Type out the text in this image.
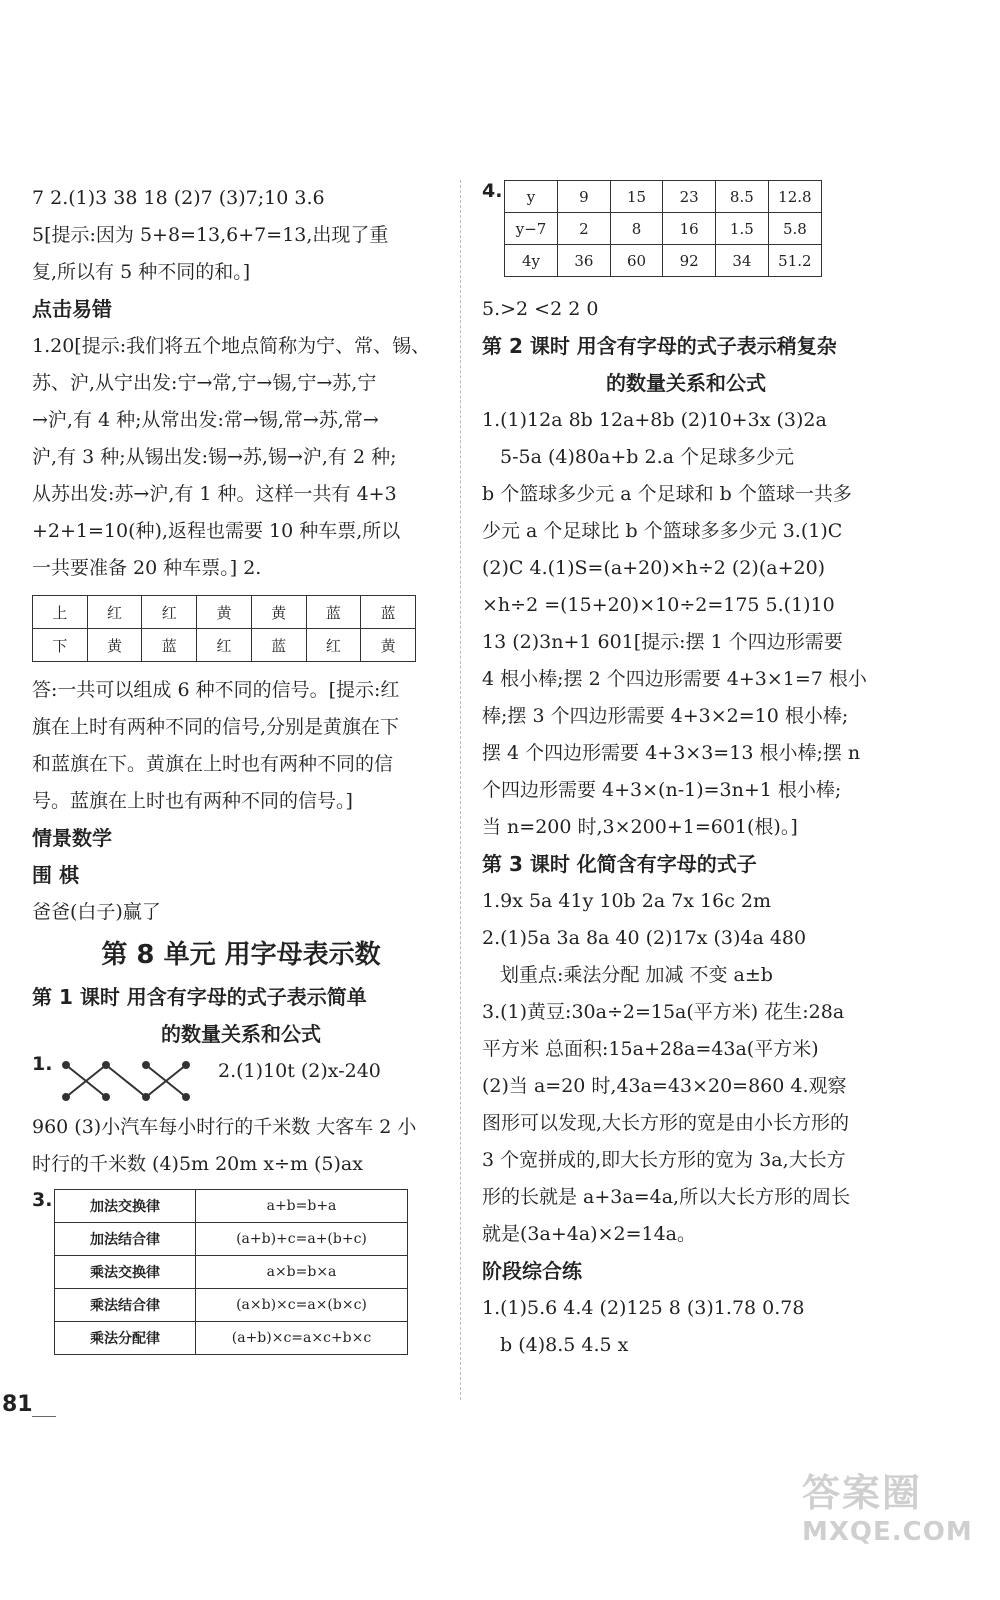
7 2.(1)3 38 18 (2)7 (3)7;10 3.6
5[提示:因为 5+8=13,6+7=13,出现了重
复,所以有 5 种不同的和。]
点击易错
1.20[提示:我们将五个地点简称为宁、常、锡、
苏、沪,从宁出发:宁→常,宁→锡,宁→苏,宁
→沪,有 4 种;从常出发:常→锡,常→苏,常→
沪,有 3 种;从锡出发:锡→苏,锡→沪,有 2 种;
从苏出发:苏→沪,有 1 种。这样一共有 4+3
+2+1=10(种),返程也需要 10 种车票,所以
一共要准备 20 种车票。] 2.
上	红	红	黄	黄	蓝	蓝
下	黄	蓝	红	蓝	红	黄
答:一共可以组成 6 种不同的信号。[提示:红
旗在上时有两种不同的信号,分别是黄旗在下
和蓝旗在下。黄旗在上时也有两种不同的信
号。蓝旗在上时也有两种不同的信号。]
情景数学
围 棋
爸爸(白子)赢了
第 8 单元 用字母表示数
第 1 课时 用含有字母的式子表示简单
的数量关系和公式
1.	2.(1)10t (2)x-240
960 (3)小汽车每小时行的千米数 大客车 2 小
时行的千米数 (4)5m 20m x÷m (5)ax
3.	加法交换律	a+b=b+a
加法结合律	(a+b)+c=a+(b+c)
乘法交换律	a×b=b×a
乘法结合律	(a×b)×c=a×(b×c)
乘法分配律	(a+b)×c=a×c+b×c
4. y	9	15	23	8.5	12.8
y−7	2	8	16	1.5	5.8
4y	36	60	92	34	51.2
5.>2 <2 2 0
第 2 课时 用含有字母的式子表示稍复杂
的数量关系和公式
1.(1)12a 8b 12a+8b (2)10+3x (3)2a
5-5a (4)80a+b 2.a 个足球多少元
b 个篮球多少元 a 个足球和 b 个篮球一共多
少元 a 个足球比 b 个篮球多多少元 3.(1)C
(2)C 4.(1)S=(a+20)×h÷2 (2)(a+20)
×h÷2 =(15+20)×10÷2=175 5.(1)10
13 (2)3n+1 601[提示:摆 1 个四边形需要
4 根小棒;摆 2 个四边形需要 4+3×1=7 根小
棒;摆 3 个四边形需要 4+3×2=10 根小棒;
摆 4 个四边形需要 4+3×3=13 根小棒;摆 n
个四边形需要 4+3×(n-1)=3n+1 根小棒;
当 n=200 时,3×200+1=601(根)。]
第 3 课时 化简含有字母的式子
1.9x 5a 41y 10b 2a 7x 16c 2m
2.(1)5a 3a 8a 40 (2)17x (3)4a 480
划重点:乘法分配 加减 不变 a±b
3.(1)黄豆:30a÷2=15a(平方米) 花生:28a
平方米 总面积:15a+28a=43a(平方米)
(2)当 a=20 时,43a=43×20=860 4.观察
图形可以发现,大长方形的宽是由小长方形的
3 个宽拼成的,即大长方形的宽为 3a,大长方
形的长就是 a+3a=4a,所以大长方形的周长
就是(3a+4a)×2=14a。
阶段综合练
1.(1)5.6 4.4 (2)125 8 (3)1.78 0.78
b (4)8.5 4.5 x
81
答案圈
MXQE.COM
